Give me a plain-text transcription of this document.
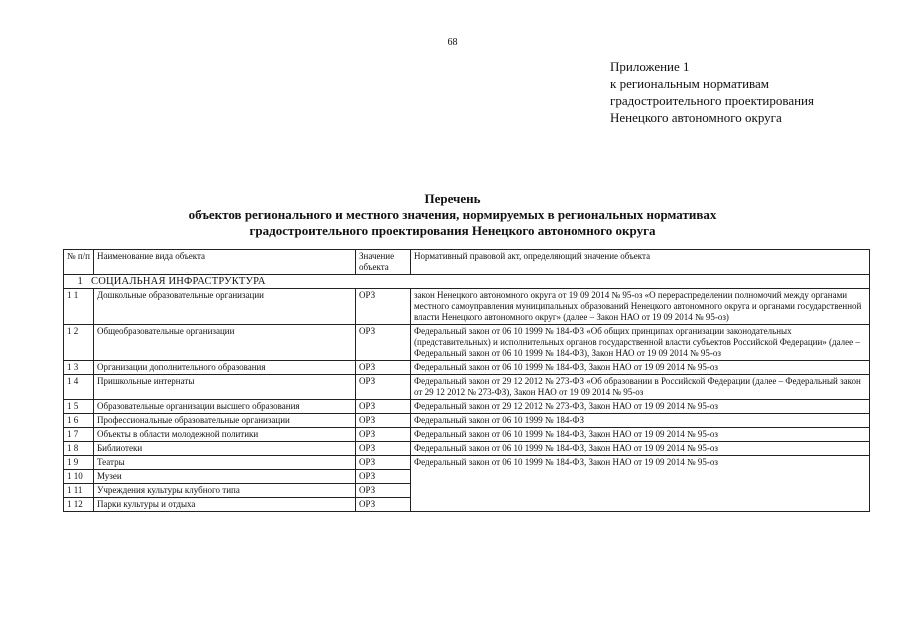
68
Приложение 1
к региональным нормативам
градостроительного проектирования
Ненецкого автономного округа
Перечень
объектов регионального и местного значения, нормируемых в региональных нормативах
градостроительного проектирования Ненецкого автономного округа
№ п/п	Наименование вида объекта	Значение объекта	Нормативный правовой акт, определяющий значение объекта
1 СОЦИАЛЬНАЯ ИНФРАСТРУКТУРА			
1 1	Дошкольные образовательные организации	ОРЗ	закон Ненецкого автономного округа от 19 09 2014 № 95-оз «О перераспределении полномочий между органами местного самоуправления муниципальных образований Ненецкого автономного округа и органами государственной власти Ненецкого автономного округ» (далее – Закон НАО от 19 09 2014 № 95-оз)
1 2	Общеобразовательные организации	ОРЗ	Федеральный закон от 06 10 1999 № 184-ФЗ «Об общих принципах организации законодательных (представительных) и исполнительных органов государственной власти субъектов Российской Федерации» (далее – Федеральный закон от 06 10 1999 № 184-ФЗ), Закон НАО от 19 09 2014 № 95-оз
1 3	Организации дополнительного образования	ОРЗ	Федеральный закон от 06 10 1999 № 184-ФЗ, Закон НАО от 19 09 2014 № 95-оз
1 4	Пришкольные интернаты	ОРЗ	Федеральный закон от 29 12 2012 № 273-ФЗ «Об образовании в Российской Федерации (далее – Федеральный закон от 29 12 2012 № 273-ФЗ), Закон НАО от 19 09 2014 № 95-оз
1 5	Образовательные организации высшего образования	ОРЗ	Федеральный закон от 29 12 2012 № 273-ФЗ, Закон НАО от 19 09 2014 № 95-оз
1 6	Профессиональные образовательные организации	ОРЗ	Федеральный закон от 06 10 1999 № 184-ФЗ
1 7	Объекты в области молодежной политики	ОРЗ	Федеральный закон от 06 10 1999 № 184-ФЗ, Закон НАО от 19 09 2014 № 95-оз
1 8	Библиотеки	ОРЗ	Федеральный закон от 06 10 1999 № 184-ФЗ, Закон НАО от 19 09 2014 № 95-оз
1 9	Театры	ОРЗ	Федеральный закон от 06 10 1999 № 184-ФЗ, Закон НАО от 19 09 2014 № 95-оз
1 10	Музеи	ОРЗ	
1 11	Учреждения культуры клубного типа	ОРЗ	
1 12	Парки культуры и отдыха	ОРЗ	
